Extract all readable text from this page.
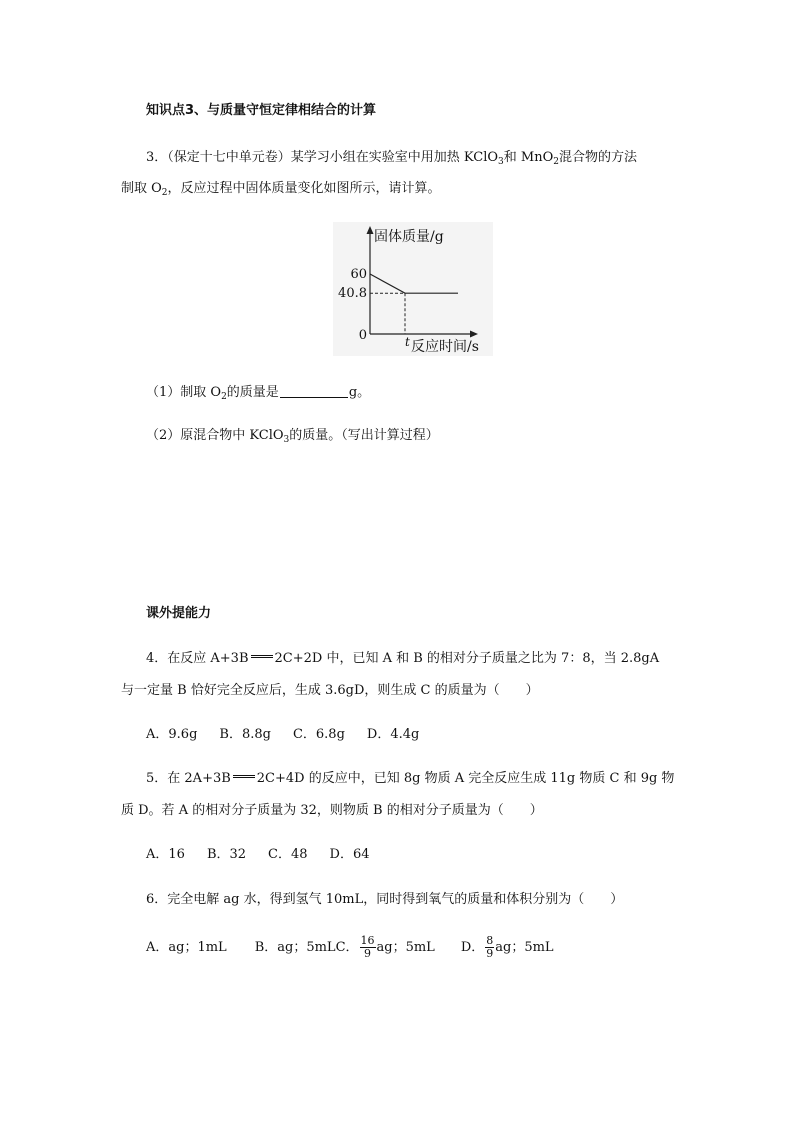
知识点3、与质量守恒定律相结合的计算
3．（保定十七中单元卷）某学习小组在实验室中用加热 KClO$_3$和 MnO$_2$混合物的方法
制取 $O_2$，反应过程中固体质量变化如图所示，请计算。
固体质量/g
反应时间/s
60
40.8
0	t
（1）制取 $O_2$的质量是	g。
（2）原混合物中 KClO$_3$的质量。（写出计算过程）
课外提能力
4．在反应 A+3B 2C+2D 中，已知 A 和 B 的相对分子质量之比为 7：8，当 2.8gA
与一定量 B 恰好完全反应后，生成 3.6gD，则生成 C 的质量为（　　）
A．9.6g B．8.8g C．6.8g D．4.4g
5．在 2A+3B 2C+4D 的反应中，已知 8g 物质 A 完全反应生成 11g 物质 C 和 9g 物
质 D。若 A 的相对分子质量为 32，则物质 B 的相对分子质量为（　　）
A．16 B．32 C．48 D．64
6．完全电解 ag 水，得到氢气 10mL，同时得到氧气的质量和体积分别为（　　）
A．ag；1mL B．ag；5mLC． $\frac{16}{9}$ ag；5mL D． $\frac{8}{9}$ ag；5mL
